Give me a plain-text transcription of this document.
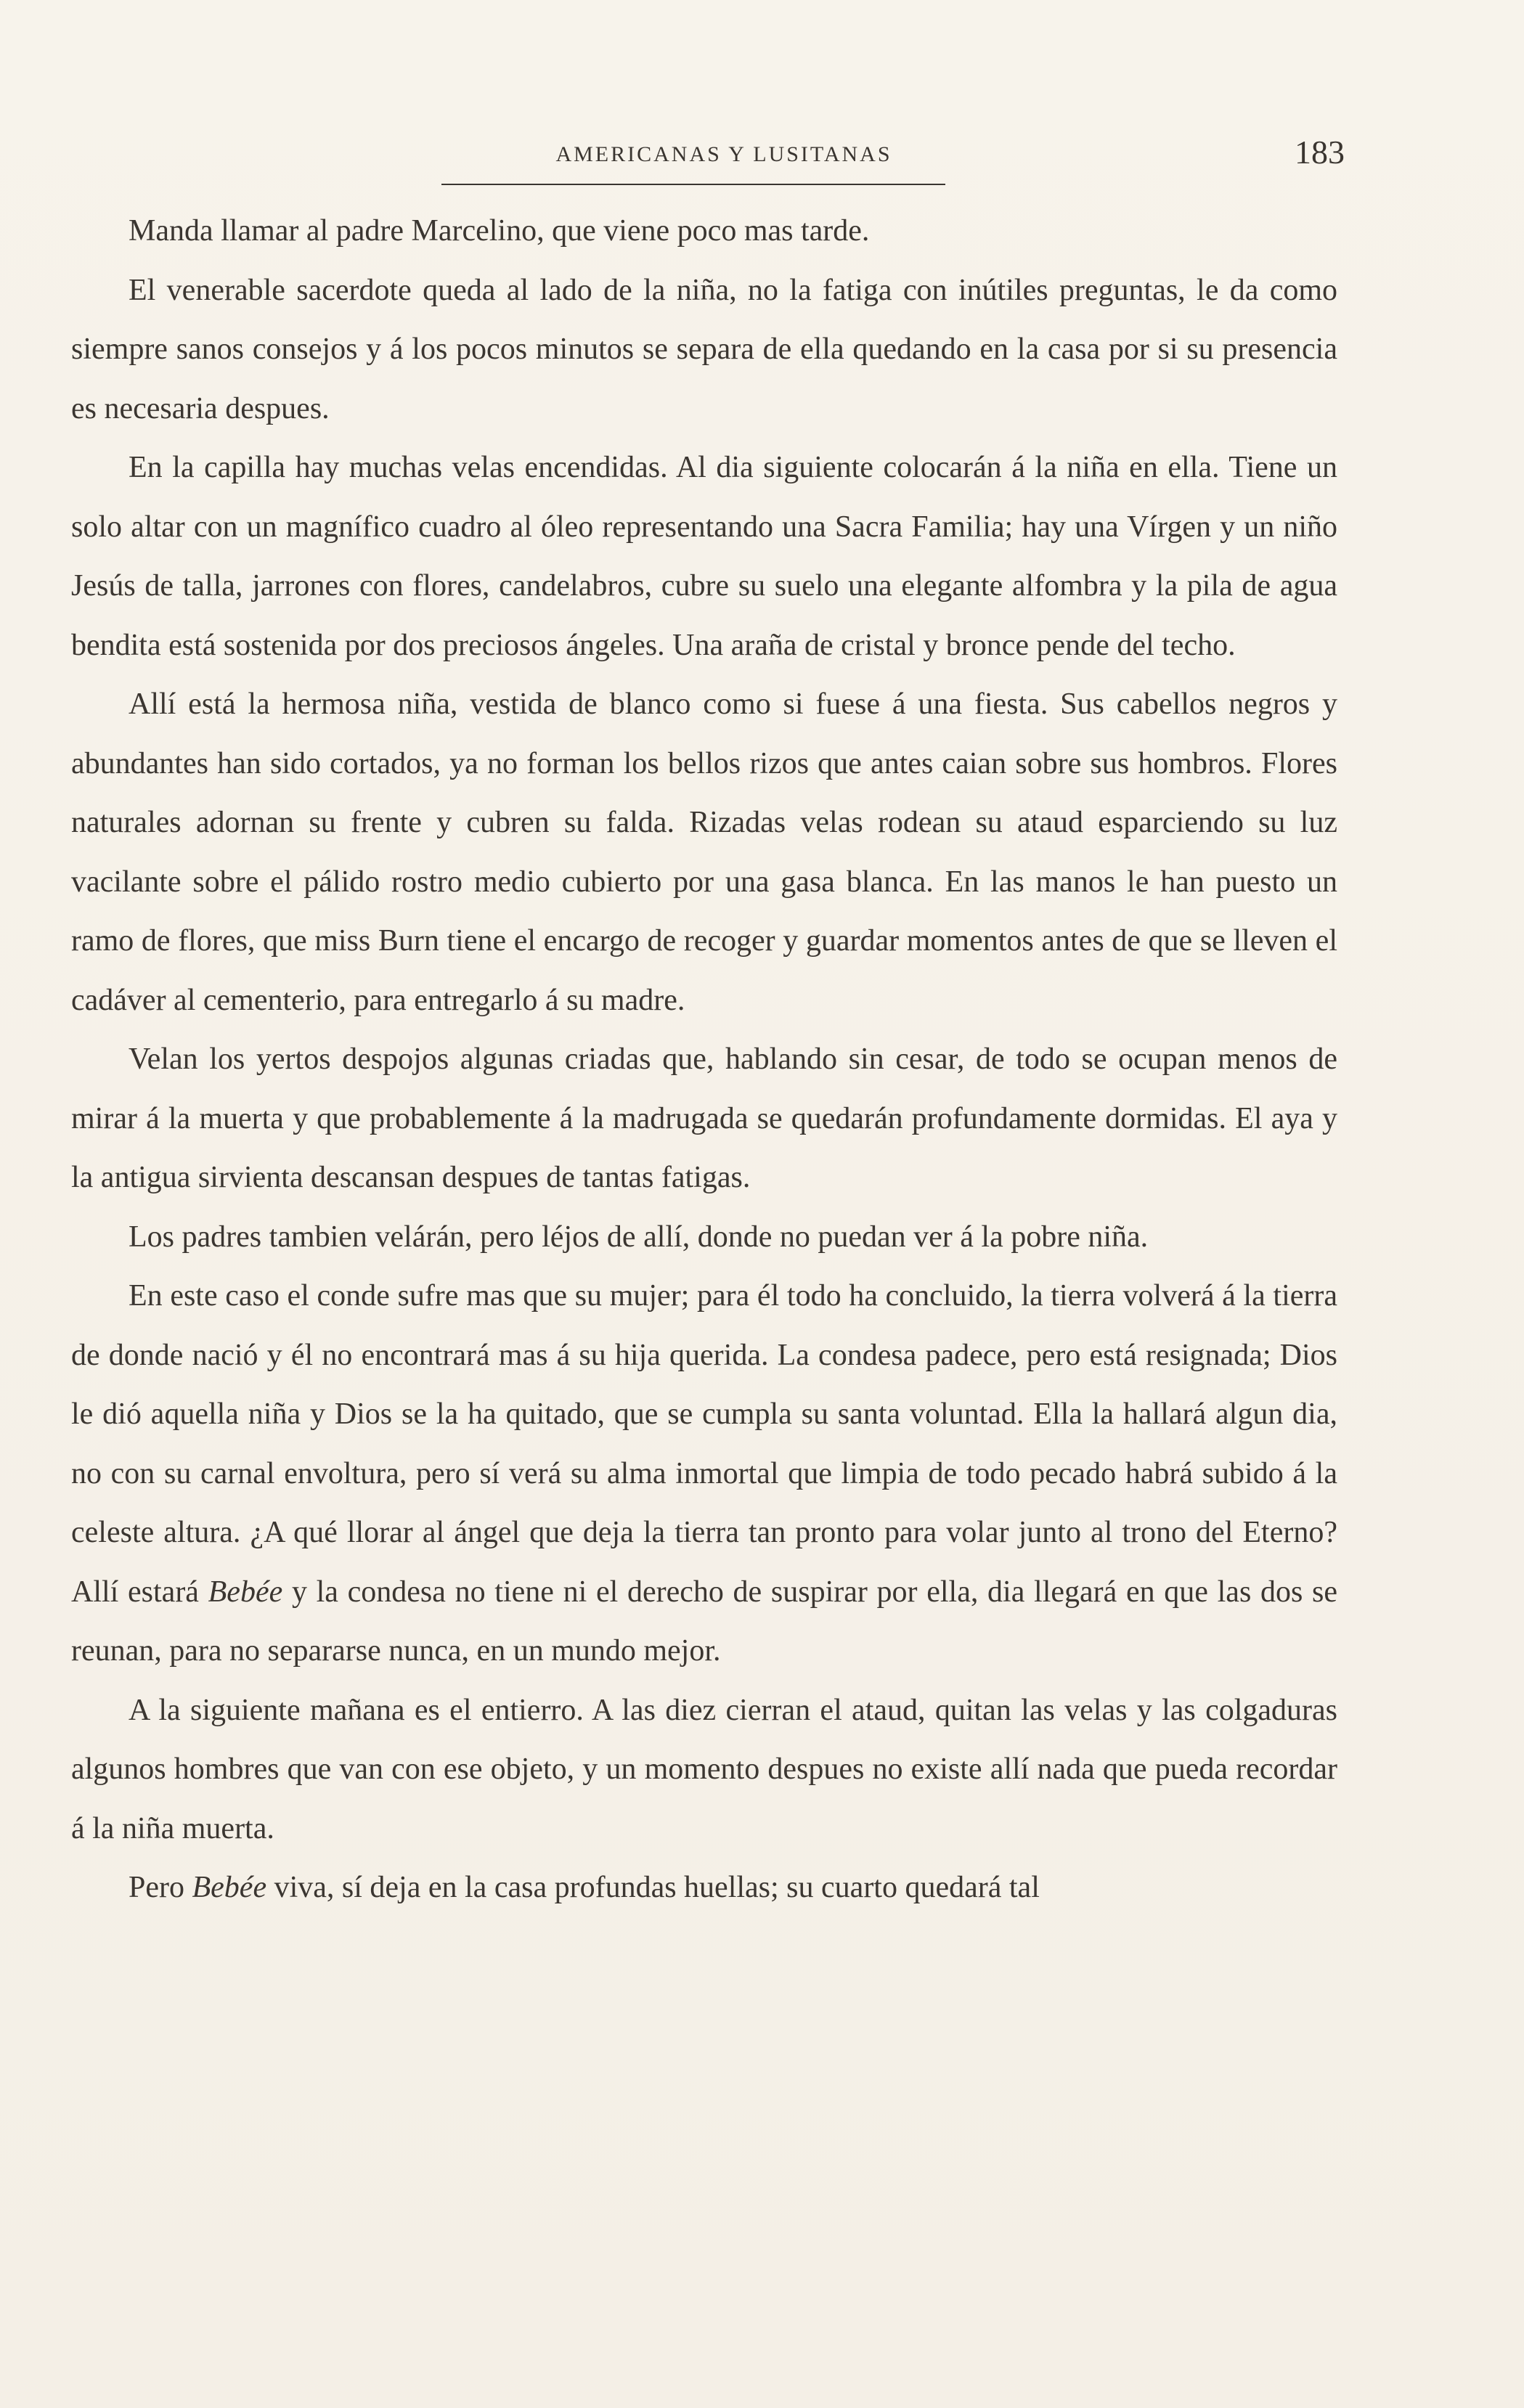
AMERICANAS Y LUSITANAS	183

Manda llamar al padre Marcelino, que viene poco mas tarde.

El venerable sacerdote queda al lado de la niña, no la fatiga con inútiles preguntas, le da como siempre sanos consejos y á los pocos minutos se separa de ella quedando en la casa por si su presencia es necesaria despues.

En la capilla hay muchas velas encendidas. Al dia siguiente colocarán á la niña en ella. Tiene un solo altar con un magnífico cuadro al óleo representando una Sacra Familia; hay una Vírgen y un niño Jesús de talla, jarrones con flores, candelabros, cubre su suelo una elegante alfombra y la pila de agua bendita está sostenida por dos preciosos ángeles. Una araña de cristal y bronce pende del techo.

Allí está la hermosa niña, vestida de blanco como si fuese á una fiesta. Sus cabellos negros y abundantes han sido cortados, ya no forman los bellos rizos que antes caian sobre sus hombros. Flores naturales adornan su frente y cubren su falda. Rizadas velas rodean su ataud esparciendo su luz vacilante sobre el pálido rostro medio cubierto por una gasa blanca. En las manos le han puesto un ramo de flores, que miss Burn tiene el encargo de recoger y guardar momentos antes de que se lleven el cadáver al cementerio, para entregarlo á su madre.

Velan los yertos despojos algunas criadas que, hablando sin cesar, de todo se ocupan menos de mirar á la muerta y que probablemente á la madrugada se quedarán profundamente dormidas. El aya y la antigua sirvienta descansan despues de tantas fatigas.

Los padres tambien velárán, pero léjos de allí, donde no puedan ver á la pobre niña.

En este caso el conde sufre mas que su mujer; para él todo ha concluido, la tierra volverá á la tierra de donde nació y él no encontrará mas á su hija querida. La condesa padece, pero está resignada; Dios le dió aquella niña y Dios se la ha quitado, que se cumpla su santa voluntad. Ella la hallará algun dia, no con su carnal envoltura, pero sí verá su alma inmortal que limpia de todo pecado habrá subido á la celeste altura. ¿A qué llorar al ángel que deja la tierra tan pronto para volar junto al trono del Eterno? Allí estará Bebée y la condesa no tiene ni el derecho de suspirar por ella, dia llegará en que las dos se reunan, para no separarse nunca, en un mundo mejor.

A la siguiente mañana es el entierro. A las diez cierran el ataud, quitan las velas y las colgaduras algunos hombres que van con ese objeto, y un momento despues no existe allí nada que pueda recordar á la niña muerta.

Pero Bebée viva, sí deja en la casa profundas huellas; su cuarto quedará tal
